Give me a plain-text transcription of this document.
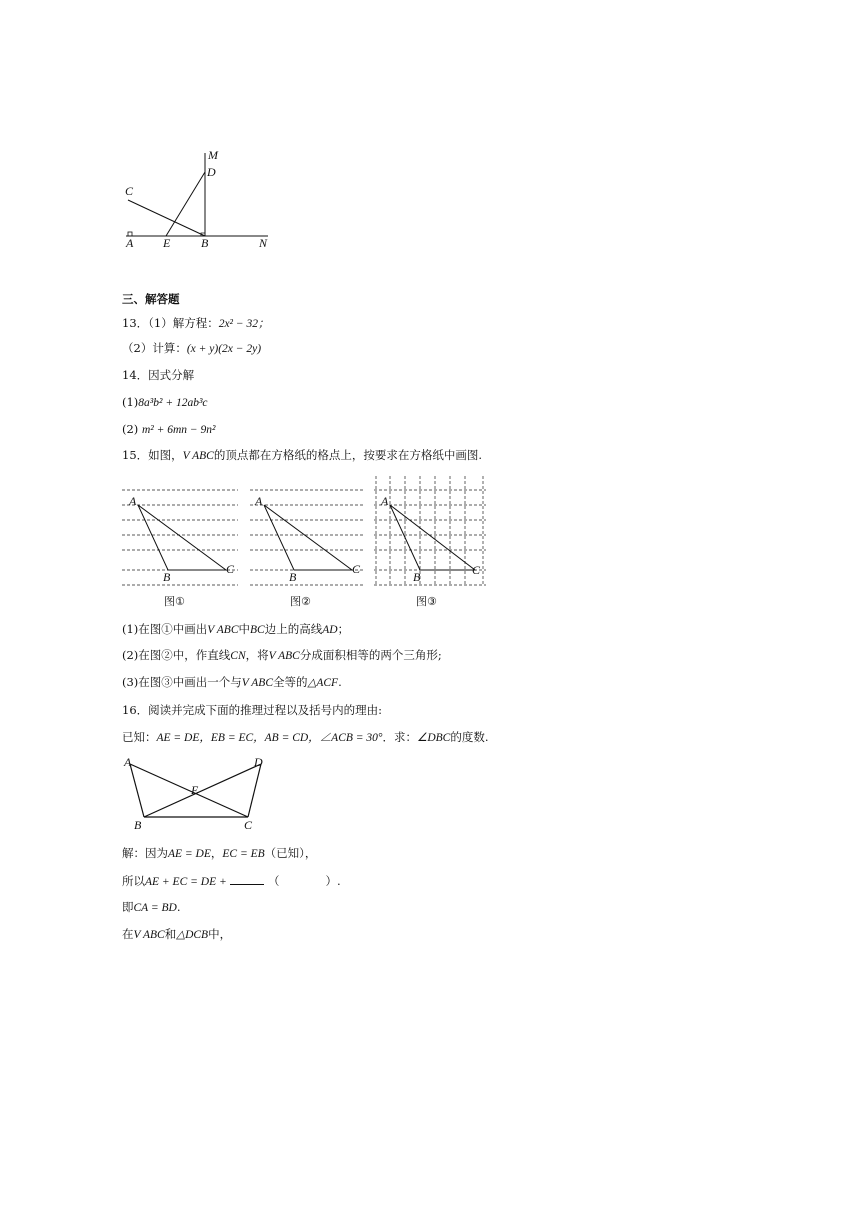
M
D
C
A E	B	N
三、解答题
13．（1）解方程：2x² − 32；
（2）计算：(x + y)(2x − 2y)
14．因式分解
(1)8a³b² + 12ab³c
(2) m² + 6mn − 9n²
15．如图，V ABC的顶点都在方格纸的格点上，按要求在方格纸中画图.
A
B
C
A
B
C
A
B	C
图①	图②	图③
(1)在图①中画出V ABC中BC边上的高线AD；
(2)在图②中，作直线CN，将V ABC分成面积相等的两个三角形;
(3)在图③中画出一个与V ABC全等的△ACF.
16．阅读并完成下面的推理过程以及括号内的理由:
已知：AE = DE，EB = EC，AB = CD，∠ACB = 30°．求：∠DBC的度数.
A	D
E
B	C
解：因为AE = DE，EC = EB（已知），
所以AE + EC = DE +	（　　　　）.
即CA = BD.
在V ABC和△DCB中，
